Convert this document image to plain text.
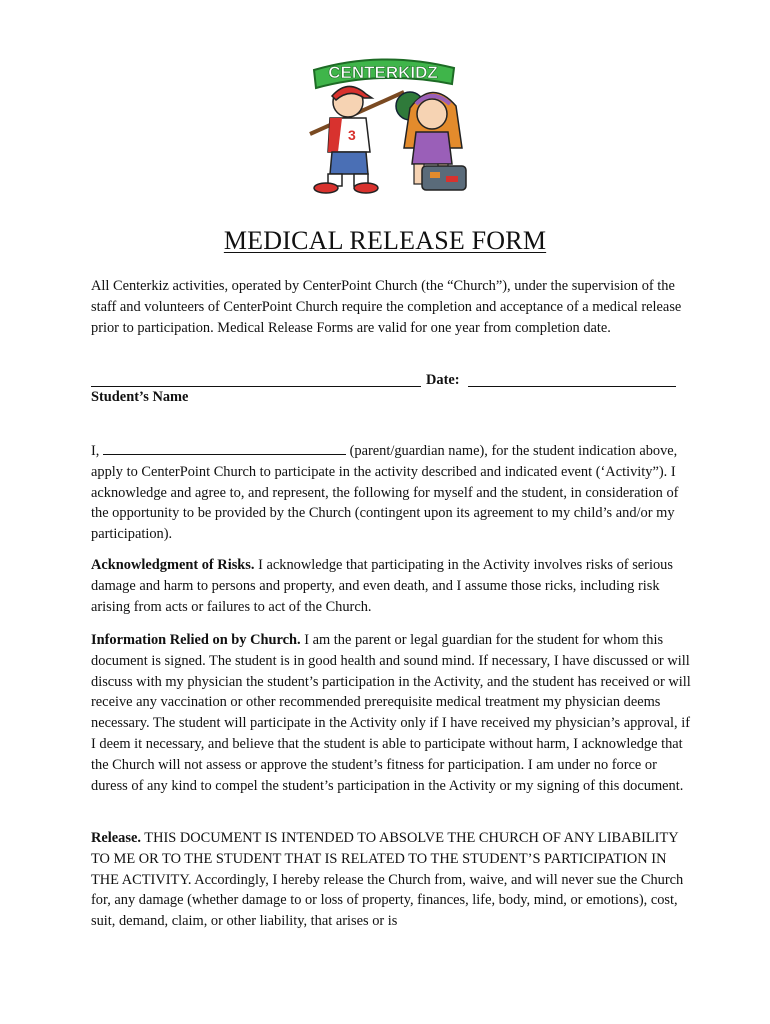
3
CENTERKIDZ
MEDICAL RELEASE FORM
All Centerkiz activities, operated by CenterPoint Church (the “Church”), under the supervision of the staff and volunteers of CenterPoint Church require the completion and acceptance of a medical release prior to participation. Medical Release Forms are valid for one year from completion date.
Date:
Student’s Name
I,	(parent/guardian name), for the student indication above, apply to CenterPoint Church to participate in the activity described and indicated event (‘Activity”). I acknowledge and agree to, and represent, the following for myself and the student, in consideration of the opportunity to be provided by the Church (contingent upon its agreement to my child’s and/or my participation).
Acknowledgment of Risks. I acknowledge that participating in the Activity involves risks of serious damage and harm to persons and property, and even death, and I assume those ricks, including risk arising from acts or failures to act of the Church.
Information Relied on by Church. I am the parent or legal guardian for the student for whom this document is signed. The student is in good health and sound mind. If necessary, I have discussed or will discuss with my physician the student’s participation in the Activity, and the student has received or will receive any vaccination or other recommended prerequisite medical treatment my physician deems necessary. The student will participate in the Activity only if I have received my physician’s approval, if I deem it necessary, and believe that the student is able to participate without harm, I acknowledge that the Church will not assess or approve the student’s fitness for participation. I am under no force or duress of any kind to compel the student’s participation in the Activity or my signing of this document.
Release. THIS DOCUMENT IS INTENDED TO ABSOLVE THE CHURCH OF ANY LIBABILITY TO ME OR TO THE STUDENT THAT IS RELATED TO THE STUDENT’S PARTICIPATION IN THE ACTIVITY. Accordingly, I hereby release the Church from, waive, and will never sue the Church for, any damage (whether damage to or loss of property, finances, life, body, mind, or emotions), cost, suit, demand, claim, or other liability, that arises or is
